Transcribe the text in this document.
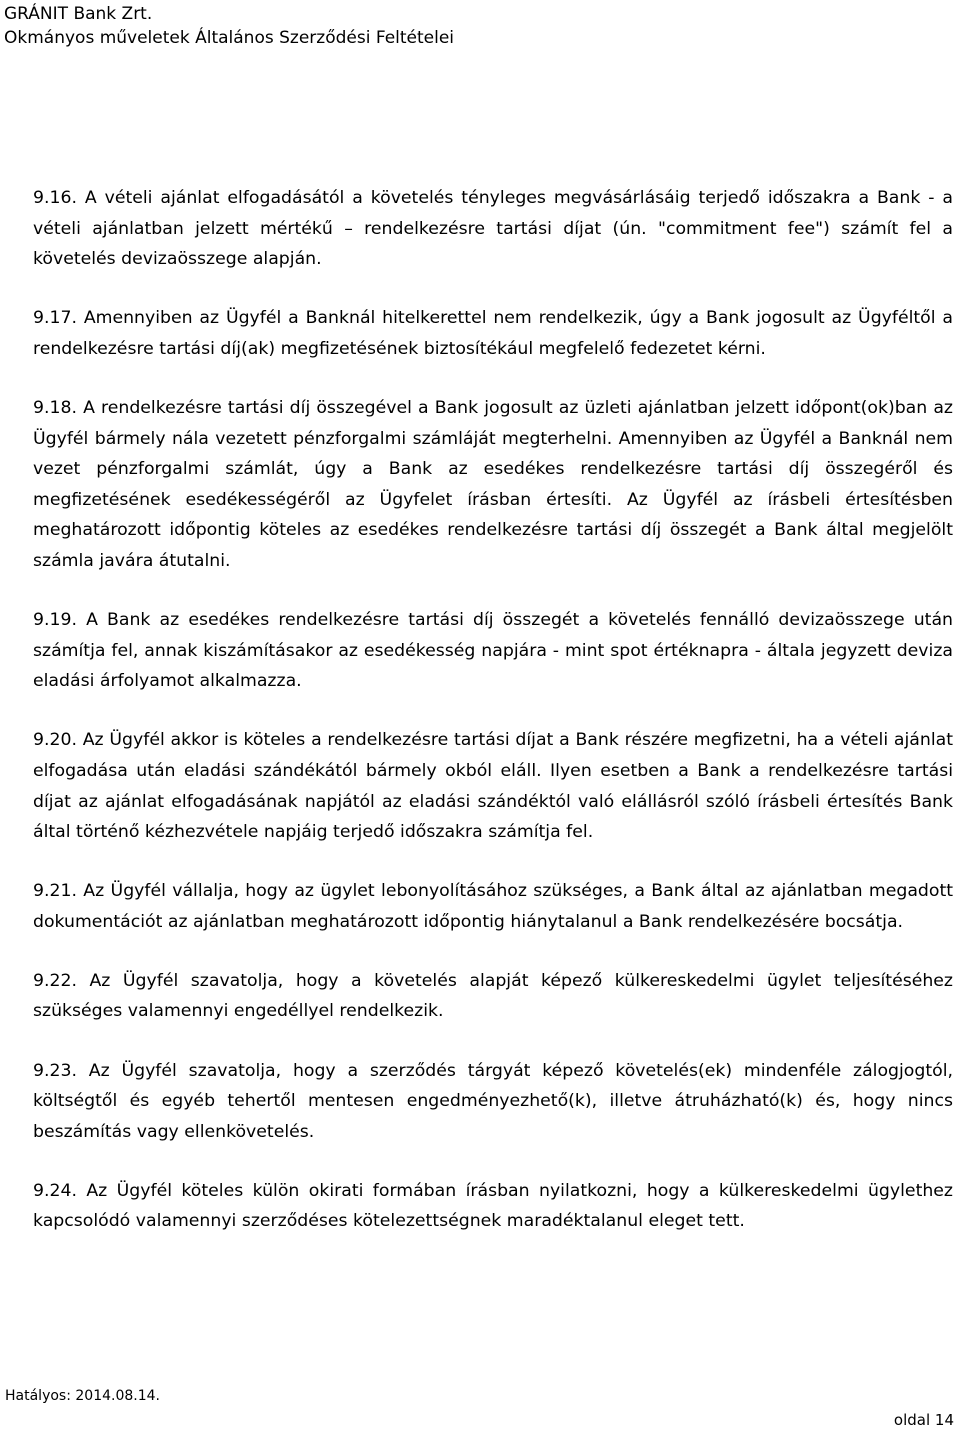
GRÁNIT Bank Zrt.
Okmányos műveletek Általános Szerződési Feltételei

9.16. A vételi ajánlat elfogadásától a követelés tényleges megvásárlásáig terjedő időszakra a Bank - a vételi ajánlatban jelzett mértékű – rendelkezésre tartási díjat (ún. "commitment fee") számít fel a követelés devizaösszege alapján.

9.17. Amennyiben az Ügyfél a Banknál hitelkerettel nem rendelkezik, úgy a Bank jogosult az Ügyféltől a rendelkezésre tartási díj(ak) megfizetésének biztosítékául megfelelő fedezetet kérni.

9.18. A rendelkezésre tartási díj összegével a Bank jogosult az üzleti ajánlatban jelzett időpont(ok)ban az Ügyfél bármely nála vezetett pénzforgalmi számláját megterhelni. Amennyiben az Ügyfél a Banknál nem vezet pénzforgalmi számlát, úgy a Bank az esedékes rendelkezésre tartási díj összegéről és megfizetésének esedékességéről az Ügyfelet írásban értesíti. Az Ügyfél az írásbeli értesítésben meghatározott időpontig köteles az esedékes rendelkezésre tartási díj összegét a Bank által megjelölt számla javára átutalni.

9.19. A Bank az esedékes rendelkezésre tartási díj összegét a követelés fennálló devizaösszege után számítja fel, annak kiszámításakor az esedékesség napjára - mint spot értéknapra - általa jegyzett deviza eladási árfolyamot alkalmazza.

9.20. Az Ügyfél akkor is köteles a rendelkezésre tartási díjat a Bank részére megfizetni, ha a vételi ajánlat elfogadása után eladási szándékától bármely okból eláll. Ilyen esetben a Bank a rendelkezésre tartási díjat az ajánlat elfogadásának napjától az eladási szándéktól való elállásról szóló írásbeli értesítés Bank által történő kézhezvétele napjáig terjedő időszakra számítja fel.

9.21. Az Ügyfél vállalja, hogy az ügylet lebonyolításához szükséges, a Bank által az ajánlatban megadott dokumentációt az ajánlatban meghatározott időpontig hiánytalanul a Bank rendelkezésére bocsátja.

9.22. Az Ügyfél szavatolja, hogy a követelés alapját képező külkereskedelmi ügylet teljesítéséhez szükséges valamennyi engedéllyel rendelkezik.

9.23. Az Ügyfél szavatolja, hogy a szerződés tárgyát képező követelés(ek) mindenféle zálogjogtól, költségtől és egyéb tehertől mentesen engedményezhető(k), illetve átruházható(k) és, hogy nincs beszámítás vagy ellenkövetelés.

9.24. Az Ügyfél köteles külön okirati formában írásban nyilatkozni, hogy a külkereskedelmi ügylethez kapcsolódó valamennyi szerződéses kötelezettségnek maradéktalanul eleget tett.

Hatályos: 2014.08.14.
oldal 14
